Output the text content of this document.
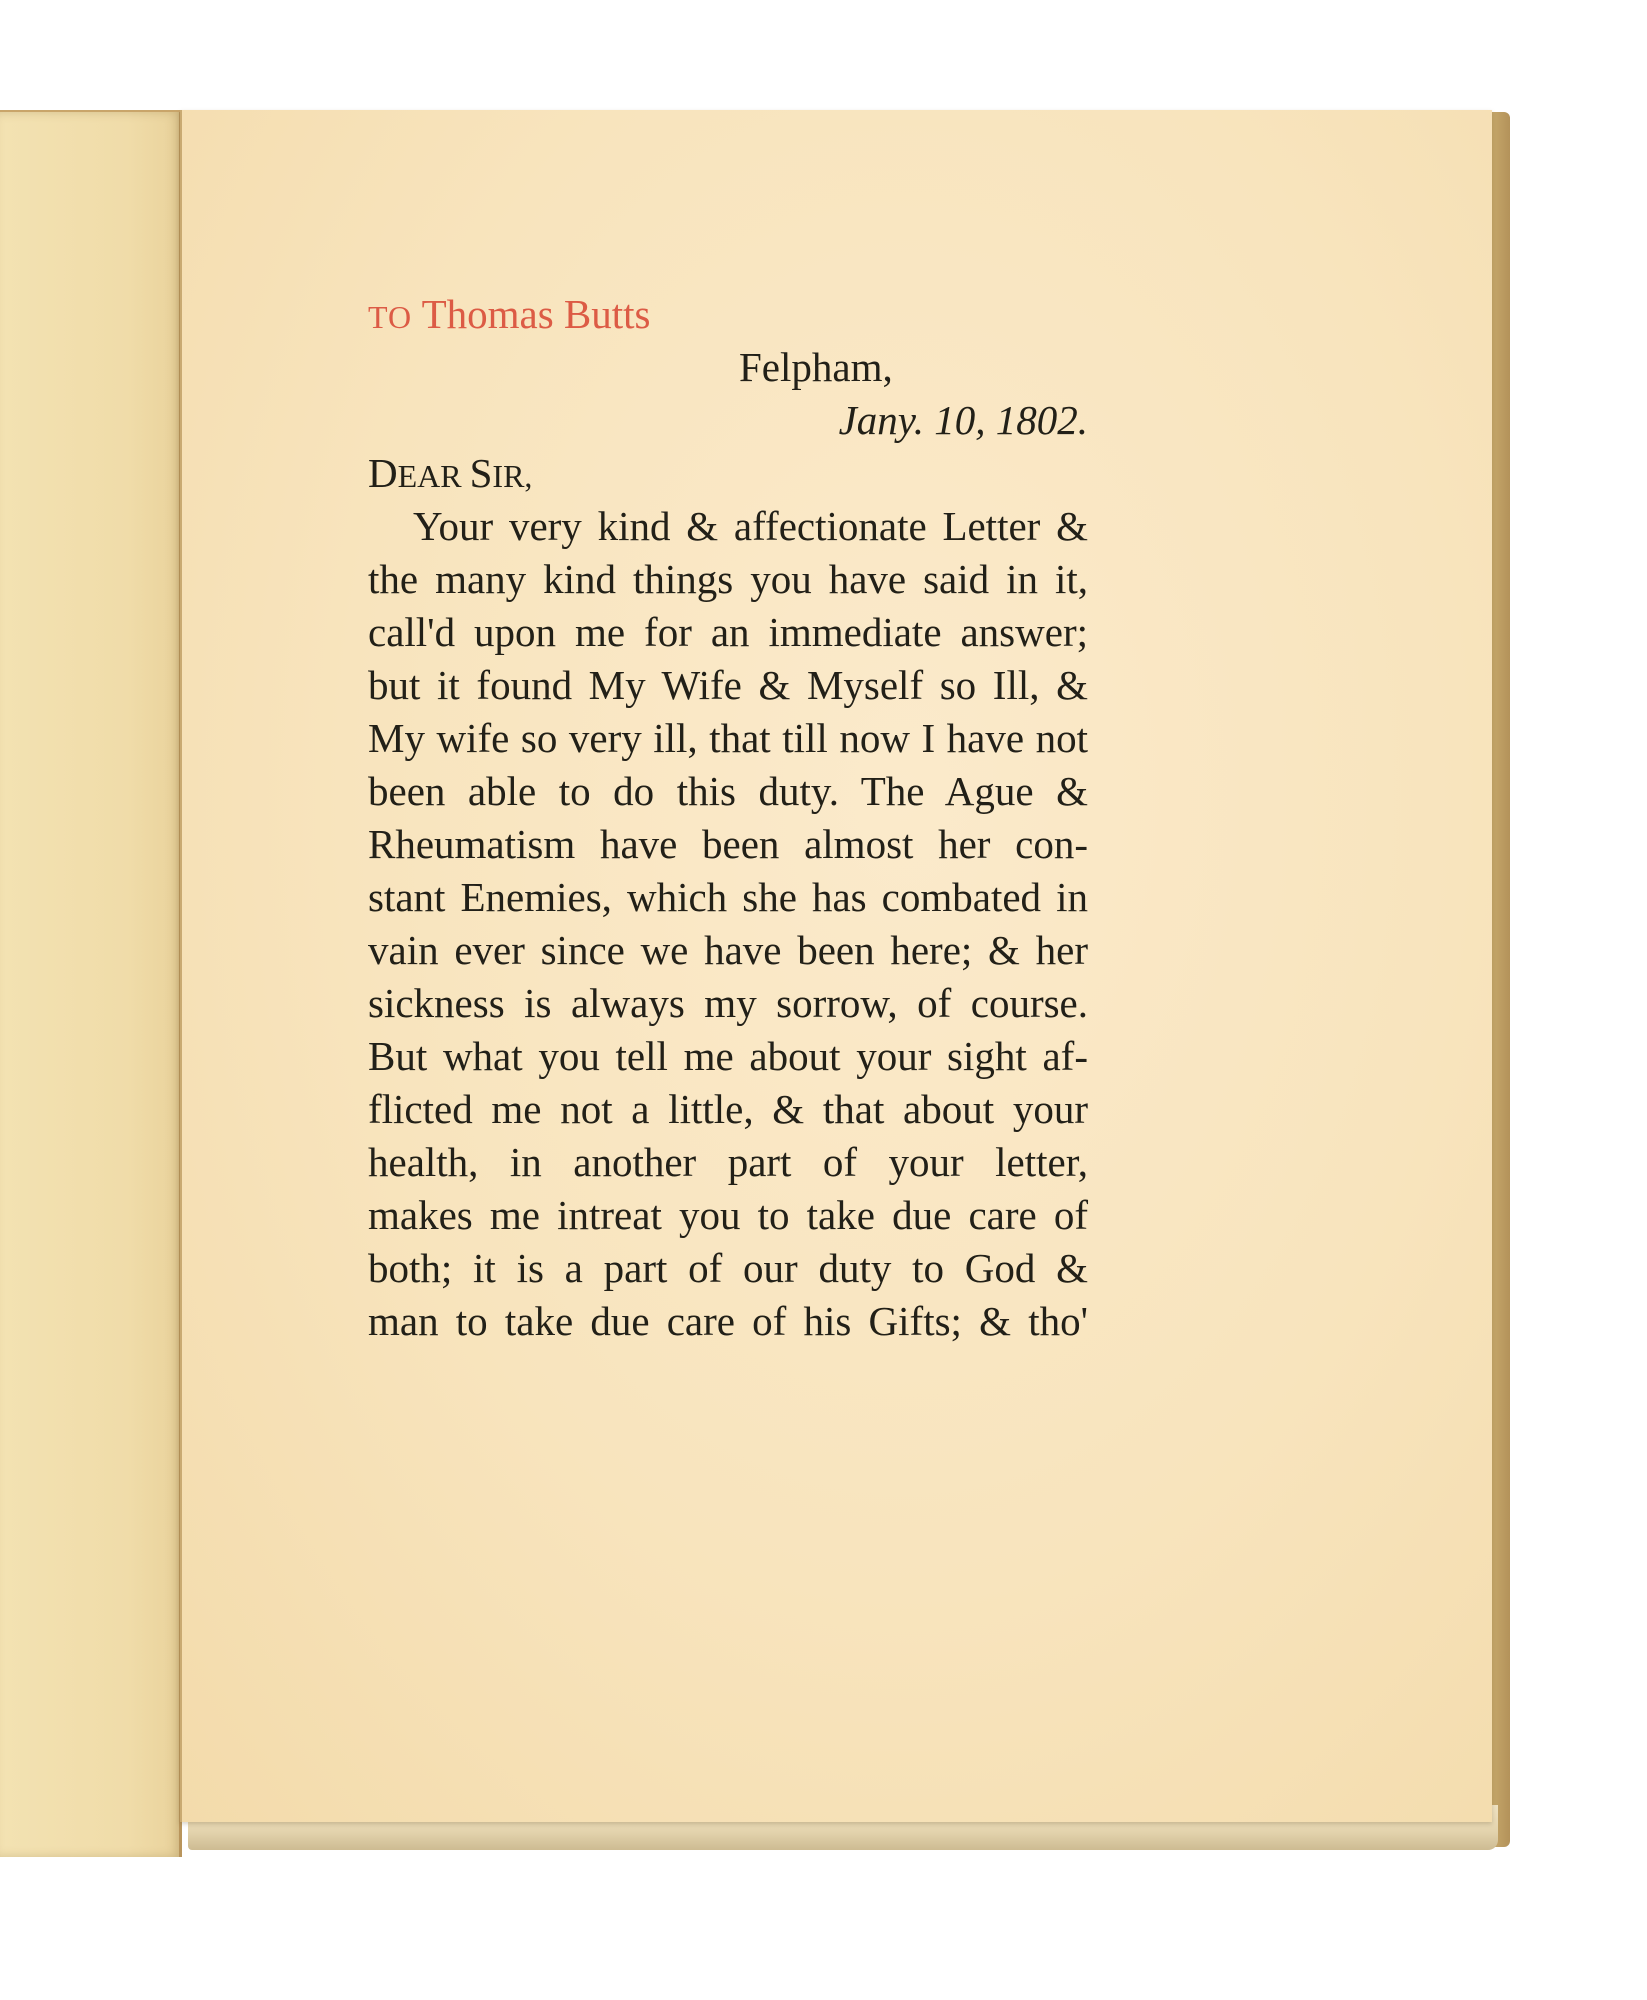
TO Thomas Butts
Felpham,
Jany. 10, 1802.
DEAR SIR,
Your very kind & affectionate Letter &
the many kind things you have said in it,
call'd upon me for an immediate answer;
but it found My Wife & Myself so Ill, &
My wife so very ill, that till now I have not
been able to do this duty. The Ague &
Rheumatism have been almost her con-
stant Enemies, which she has combated in
vain ever since we have been here; & her
sickness is always my sorrow, of course.
But what you tell me about your sight af-
flicted me not a little, & that about your
health, in another part of your letter,
makes me intreat you to take due care of
both; it is a part of our duty to God &
man to take due care of his Gifts; & tho'
